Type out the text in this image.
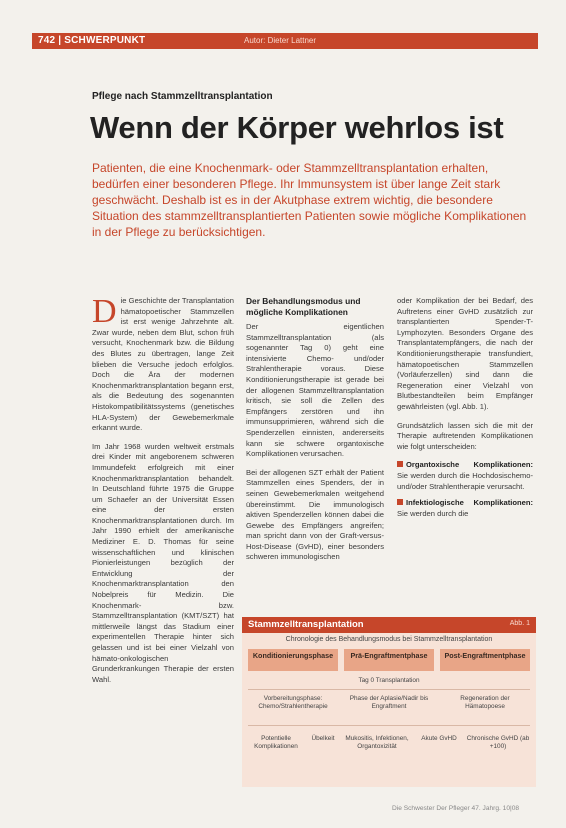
742 | SCHWERPUNKT	Autor: Dieter Lattner
Pflege nach Stammzelltransplantation
Wenn der Körper wehrlos ist

Patienten, die eine Knochenmark- oder Stammzelltransplantation erhalten, bedürfen einer besonderen Pflege. Ihr Immunsystem ist über lange Zeit stark geschwächt. Deshalb ist es in der Akutphase extrem wichtig, die besondere Situation des stammzelltransplantierten Patienten sowie mögliche Komplikationen in der Pflege zu berücksichtigen.

Die Geschichte der Transplantation hämatopoetischer Stammzellen ist erst wenige Jahrzehnte alt. Zwar wurde, neben dem Blut, schon früh versucht, Knochenmark bzw. die Bildung des Blutes zu übertragen, lange Zeit blieben die Versuche jedoch erfolglos. Doch die Ära der modernen Knochenmarktransplantation begann erst, als die Bedeutung des sogenannten Histokompatibilitätssystems (genetisches HLA-System) der Gewebemerkmale erkannt wurde.

Im Jahr 1968 wurden weltweit erstmals drei Kinder mit angeborenem schweren Immundefekt erfolgreich mit einer Knochenmarktransplantation behandelt. In Deutschland führte 1975 die Gruppe um Schaefer an der Universität Essen eine der ersten Knochenmarktransplantationen durch. Im Jahr 1990 erhielt der amerikanische Mediziner E. D. Thomas für seine wissenschaftlichen und klinischen Pionierleistungen bezüglich der Entwicklung der Knochenmarktransplantation den Nobelpreis für Medizin. Die Knochenmark- bzw. Stammzelltransplantation (KMT/SZT) hat mittlerweile längst das Stadium einer experimentellen Therapie hinter sich gelassen und ist bei einer Vielzahl von hämato-onkologischen Grunderkrankungen Therapie der ersten Wahl.

Der Behandlungsmodus und mögliche Komplikationen

Der eigentlichen Stammzelltransplantation (als sogenannter Tag 0) geht eine intensivierte Chemo- und/oder Strahlentherapie voraus. Diese Konditionierungstherapie ist gerade bei der allogenen Stammzelltransplantation kritisch, sie soll die Zellen des Empfängers zerstören und ihn immunsupprimieren, während sich die Spenderzellen einnisten, andererseits kann sie schwere organtoxische Komplikationen verursachen.

Bei der allogenen SZT erhält der Patient Stammzellen eines Spenders, der in seinen Gewebemerkmalen weitgehend übereinstimmt. Die immunologisch aktiven Spenderzellen können dabei die Gewebe des Empfängers angreifen; man spricht dann von der Graft-versus-Host-Disease (GvHD), einer besonders schweren immunologischen

oder Komplikation der bei Bedarf, des Auftretens einer GvHD zusätzlich zur transplantierten Spender-T-Lymphozyten. Besonders Organe des Transplantatempfängers, die nach der Konditionierungstherapie transfundiert, hämatopoetischen Stammzellen (Vorläuferzellen) sind dann die Regeneration einer Vielzahl von Blutbestandteilen beim Empfänger gewährleisten (vgl. Abb. 1).

Grundsätzlich lassen sich die mit der Therapie auftretenden Komplikationen wie folgt unterscheiden:

Organtoxische Komplikationen: Sie werden durch die Hochdosischemo- und/oder Strahlentherapie verursacht.
Infektiologische Komplikationen: Sie werden durch die
Stammzelltransplantation	Abb. 1
Chronologie des Behandlungsmodus bei Stammzelltransplantation
Konditionierungsphase	Prä-Engraftmentphase	Post-Engraftmentphase
Tag 0 Transplantation
Vorbereitungsphase: Chemo/Strahlentherapie
Phase der Aplasie/Nadir bis Engraftment
Regeneration der Hämatopoese
Potentielle Komplikationen
Übelkeit	Mukositis, Infektionen, Organtoxizität
Akute GvHD	Chronische GvHD (ab +100)
Die Schwester Der Pfleger 47. Jahrg. 10|08
